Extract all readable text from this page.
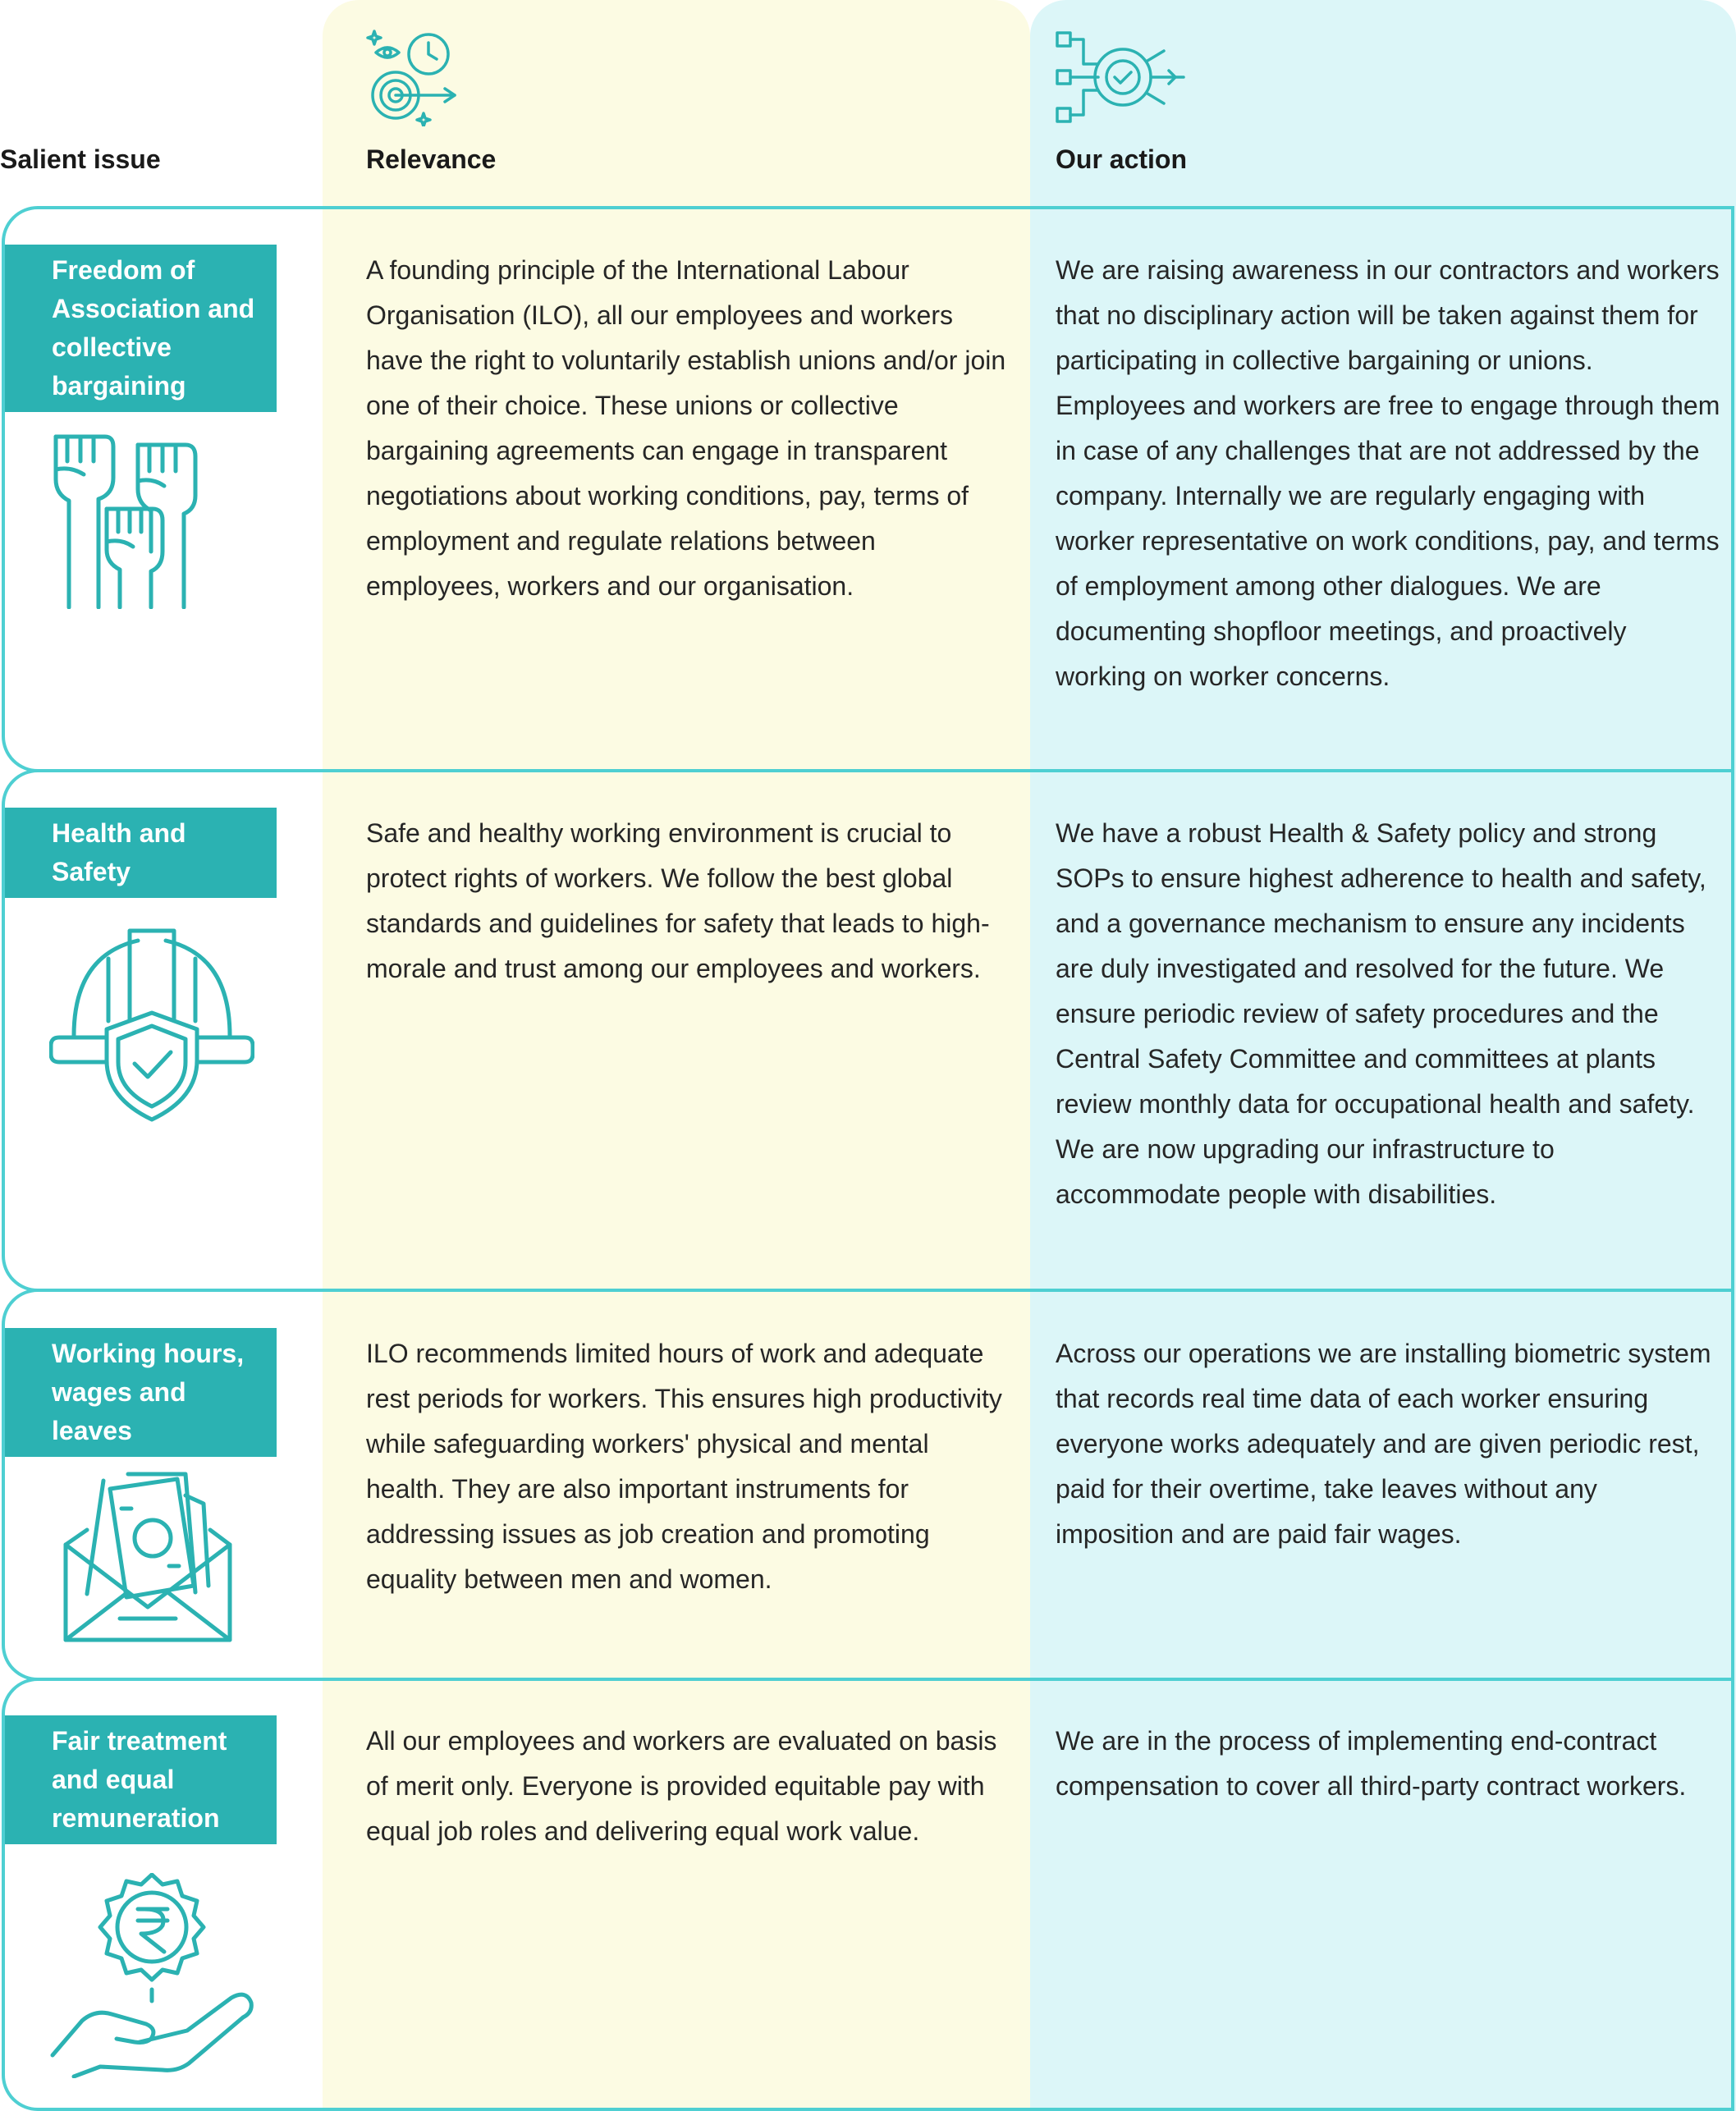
Salient issue	Relevance	Our action
Freedom of Association and collective bargaining
A founding principle of the International Labour Organisation (ILO), all our employees and workers have the right to voluntarily establish unions and/or join one of their choice. These unions or collective bargaining agreements can engage in transparent negotiations about working conditions, pay, terms of employment and regulate relations between employees, workers and our organisation.
We are raising awareness in our contractors and workers that no disciplinary action will be taken against them for participating in collective bargaining or unions. Employees and workers are free to engage through them in case of any challenges that are not addressed by the company. Internally we are regularly engaging with worker representative on work conditions, pay, and terms of employment among other dialogues. We are documenting shopfloor meetings, and proactively working on worker concerns.
Health and Safety
Safe and healthy working environment is crucial to protect rights of workers. We follow the best global standards and guidelines for safety that leads to high-morale and trust among our employees and workers.
We have a robust Health & Safety policy and strong SOPs to ensure highest adherence to health and safety, and a governance mechanism to ensure any incidents are duly investigated and resolved for the future. We ensure periodic review of safety procedures and the Central Safety Committee and committees at plants review monthly data for occupational health and safety. We are now upgrading our infrastructure to accommodate people with disabilities.
Working hours, wages and leaves
ILO recommends limited hours of work and adequate rest periods for workers. This ensures high productivity while safeguarding workers' physical and mental health. They are also important instruments for addressing issues as job creation and promoting equality between men and women.
Across our operations we are installing biometric system that records real time data of each worker ensuring everyone works adequately and are given periodic rest, paid for their overtime, take leaves without any imposition and are paid fair wages.
Fair treatment and equal remuneration
All our employees and workers are evaluated on basis of merit only. Everyone is provided equitable pay with equal job roles and delivering equal work value.
We are in the process of implementing end-contract compensation to cover all third-party contract workers.
